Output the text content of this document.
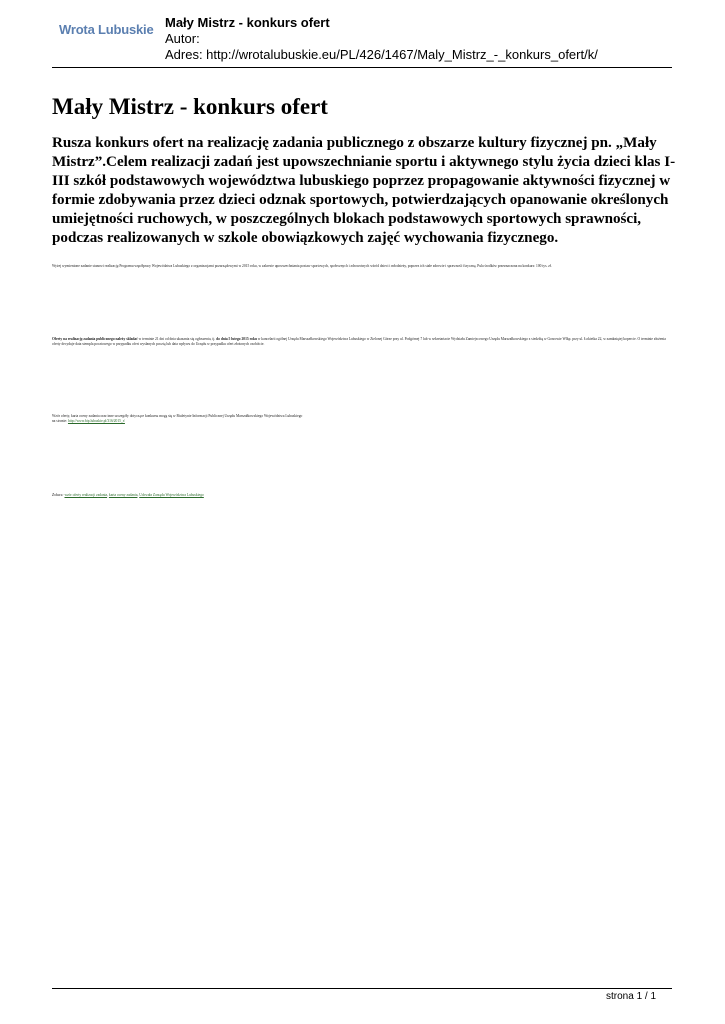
Wrota Lubuskie Mały Mistrz - konkurs ofert
Autor:
Adres: http://wrotalubuskie.eu/PL/426/1467/Maly_Mistrz_-_konkurs_ofert/k/
Mały Mistrz - konkurs ofert

Rusza konkurs ofert na realizację zadania publicznego z obszarze kultury fizycznej pn. „Mały Mistrz”.Celem realizacji zadań jest upowszechnianie sportu i aktywnego stylu życia dzieci klas I-III szkół podstawowych województwa lubuskiego poprzez propagowanie aktywności fizycznej w formie zdobywania przez dzieci odznak sportowych, potwierdzających opanowanie określonych umiejętności ruchowych, w poszczególnych blokach podstawowych sportowych sprawności, podczas realizowanych w szkole obowiązkowych zajęć wychowania fizycznego.

Wyżej wymienione zadanie stanowi realizację Programu współpracy Województwa Lubuskiego z organizacjami pozarządowymi w 2015 roku, w zakresie upowszechniania postaw sportowych, społecznych i zdrowotnych wśród dzieci i młodzieży, poprzez ich stałe zdrowie i sprawność fizyczną. Pula środków przeznaczona na konkurs: 100 tys. zł.

Oferty na realizację zadania publicznego należy składać w terminie 21 dni od dnia ukazania się ogłoszenia, tj. do dnia 5 lutego 2015 roku w kancelarii ogólnej Urzędu Marszałkowskiego Województwa Lubuskiego w Zielonej Górze przy ul. Podgórnej 7 lub w sekretariacie Wydziału Zamiejscowego Urzędu Marszałkowskiego z siedzibą w Gorzowie Wlkp. przy ul. Łokietka 22, w zamkniętej kopercie. O terminie złożenia oferty decyduje data stempla pocztowego w przypadku ofert wysłanych pocztą lub data wpływu do Urzędu w przypadku ofert złożonych osobiście.

Wzór oferty, karta oceny zadania oraz inne szczegóły dotyczące konkursu mogą się w Biuletynie Informacji Publicznej Urzędu Marszałkowskiego Województwa Lubuskiego
na stronie: http://www.bip.lubuskie.pl/316/2015_r/

Zobacz: wzór oferty realizacji zadania, karta oceny zadania, Uchwała Zarządu Województwa Lubuskiego

strona 1 / 1
